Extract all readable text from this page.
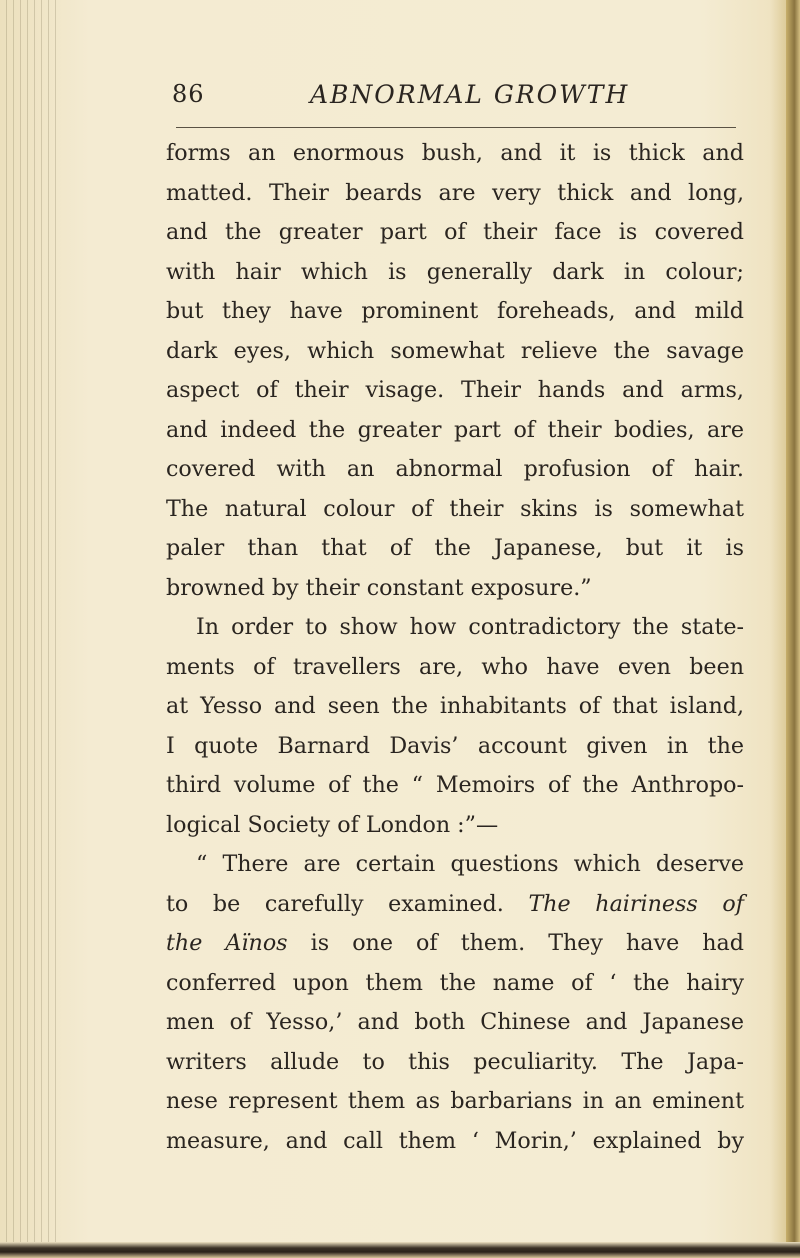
86	ABNORMAL GROWTH
forms an enormous bush, and it is thick and
matted. Their beards are very thick and long,
and the greater part of their face is covered
with hair which is generally dark in colour;
but they have prominent foreheads, and mild
dark eyes, which somewhat relieve the savage
aspect of their visage. Their hands and arms,
and indeed the greater part of their bodies, are
covered with an abnormal profusion of hair.
The natural colour of their skins is somewhat
paler than that of the Japanese, but it is
browned by their constant exposure.”
In order to show how contradictory the state-
ments of travellers are, who have even been
at Yesso and seen the inhabitants of that island,
I quote Barnard Davis’ account given in the
third volume of the “ Memoirs of the Anthropo-
logical Society of London :”—
“ There are certain questions which deserve
to be carefully examined. The hairiness of
the Aïnos is one of them. They have had
conferred upon them the name of ‘ the hairy
men of Yesso,’ and both Chinese and Japanese
writers allude to this peculiarity. The Japa-
nese represent them as barbarians in an eminent
measure, and call them ‘ Morin,’ explained by
